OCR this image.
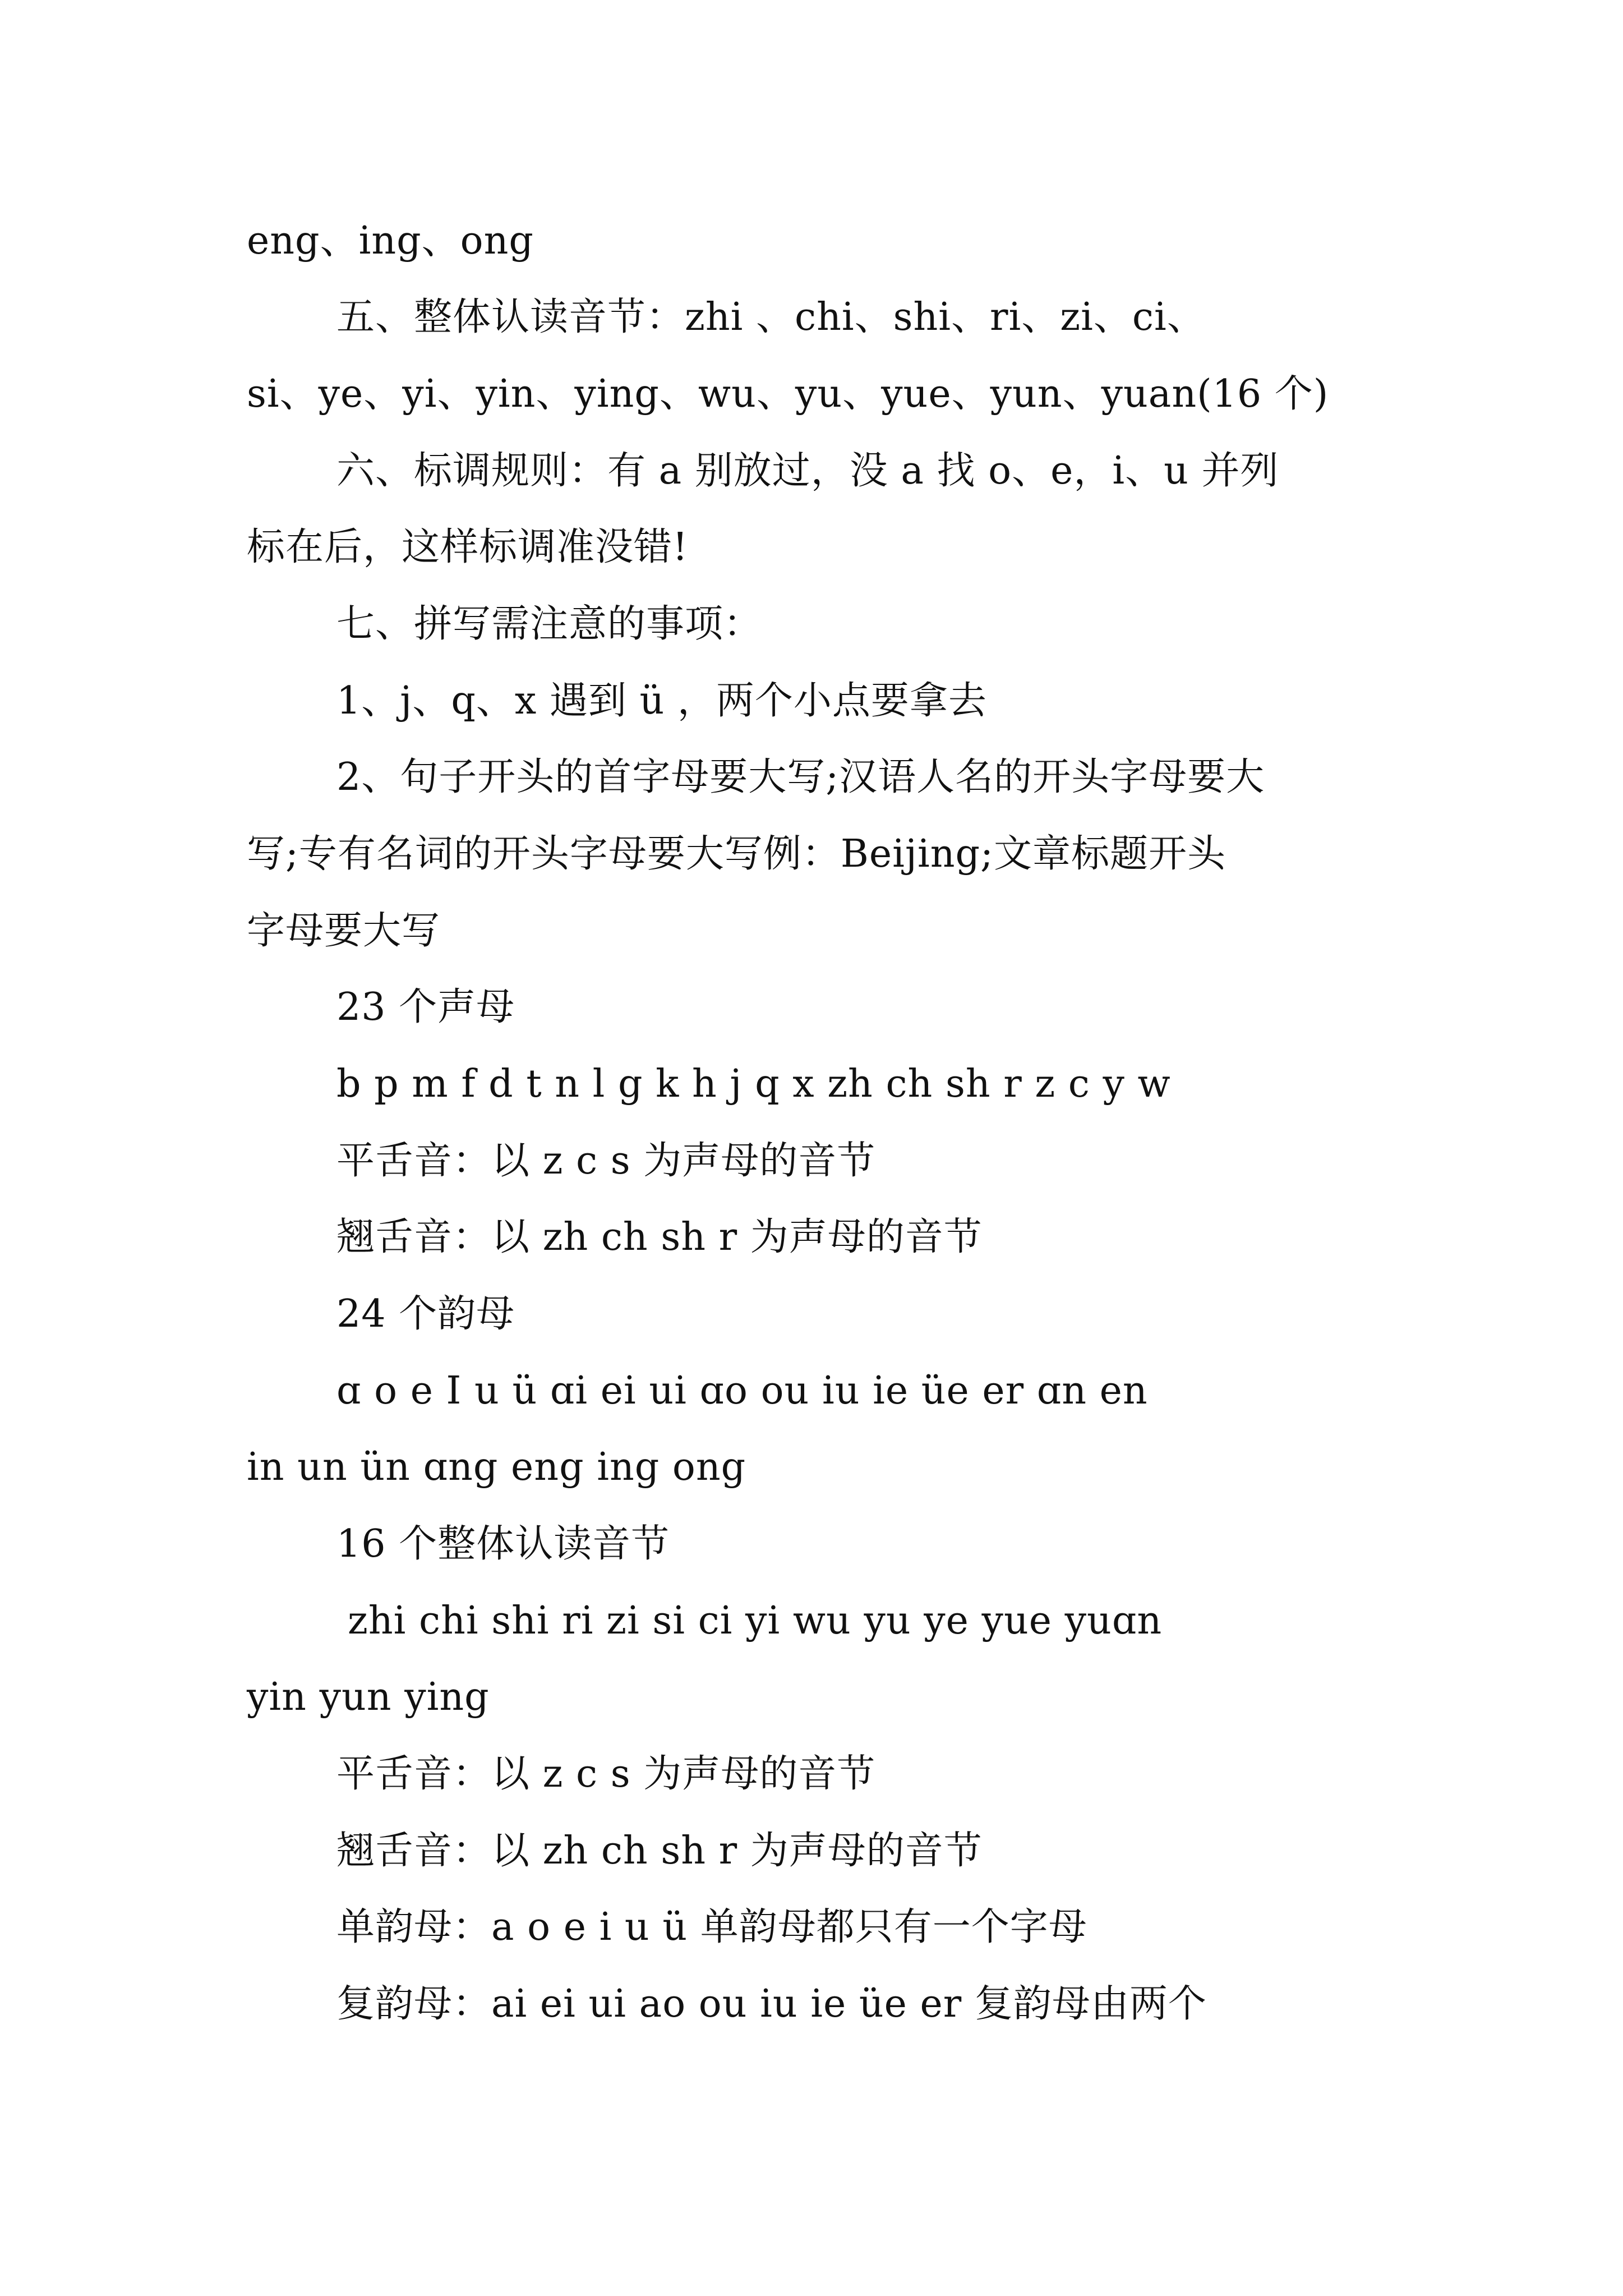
eng、ing、ong
五、整体认读音节：zhi 、chi、shi、ri、zi、ci、
si、ye、yi、yin、ying、wu、yu、yue、yun、yuan(16 个)
六、标调规则：有 a 别放过，没 a 找 o、e，i、u 并列
标在后，这样标调准没错!
七、拼写需注意的事项：
1、j、q、x 遇到 ü ，两个小点要拿去
2、句子开头的首字母要大写;汉语人名的开头字母要大
写;专有名词的开头字母要大写例：Beijing;文章标题开头
字母要大写
23 个声母
b p m f d t n l g k h j q x zh ch sh r z c y w
平舌音：以 z c s 为声母的音节
翘舌音：以 zh ch sh r 为声母的音节
24 个韵母
ɑ o e I u ü ɑi ei ui ɑo ou iu ie üe er ɑn en
in un ün ɑng eng ing ong
16 个整体认读音节
zhi chi shi ri zi si ci yi wu yu ye yue yuɑn
yin yun ying
平舌音：以 z c s 为声母的音节
翘舌音：以 zh ch sh r 为声母的音节
单韵母：a o e i u ü 单韵母都只有一个字母
复韵母：ai ei ui ao ou iu ie üe er 复韵母由两个
